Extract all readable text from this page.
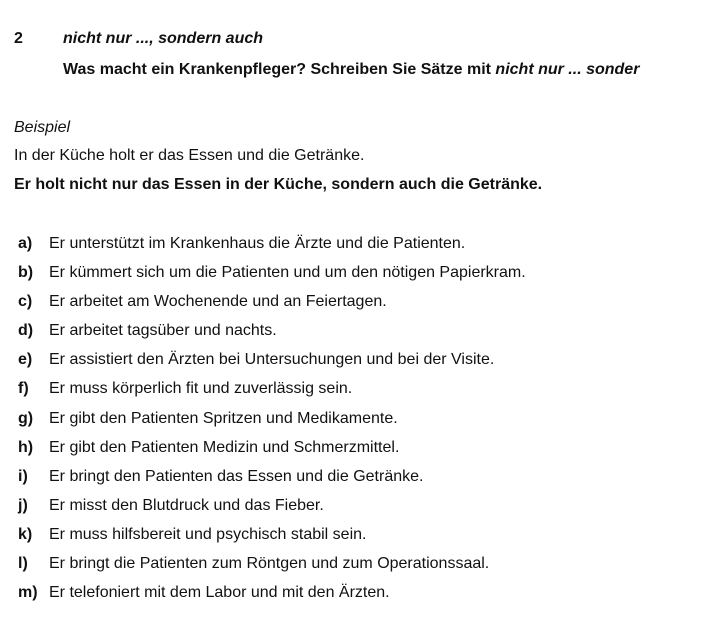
2	nicht nur ..., sondern auch
Was macht ein Krankenpfleger? Schreiben Sie Sätze mit nicht nur ... sonder
Beispiel
In der Küche holt er das Essen und die Getränke.
Er holt nicht nur das Essen in der Küche, sondern auch die Getränke.
a) Er unterstützt im Krankenhaus die Ärzte und die Patienten.
b) Er kümmert sich um die Patienten und um den nötigen Papierkram.
c) Er arbeitet am Wochenende und an Feiertagen.
d) Er arbeitet tagsüber und nachts.
e) Er assistiert den Ärzten bei Untersuchungen und bei der Visite.
f) Er muss körperlich fit und zuverlässig sein.
g) Er gibt den Patienten Spritzen und Medikamente.
h) Er gibt den Patienten Medizin und Schmerzmittel.
i) Er bringt den Patienten das Essen und die Getränke.
j) Er misst den Blutdruck und das Fieber.
k) Er muss hilfsbereit und psychisch stabil sein.
l) Er bringt die Patienten zum Röntgen und zum Operationssaal.
m) Er telefoniert mit dem Labor und mit den Ärzten.
